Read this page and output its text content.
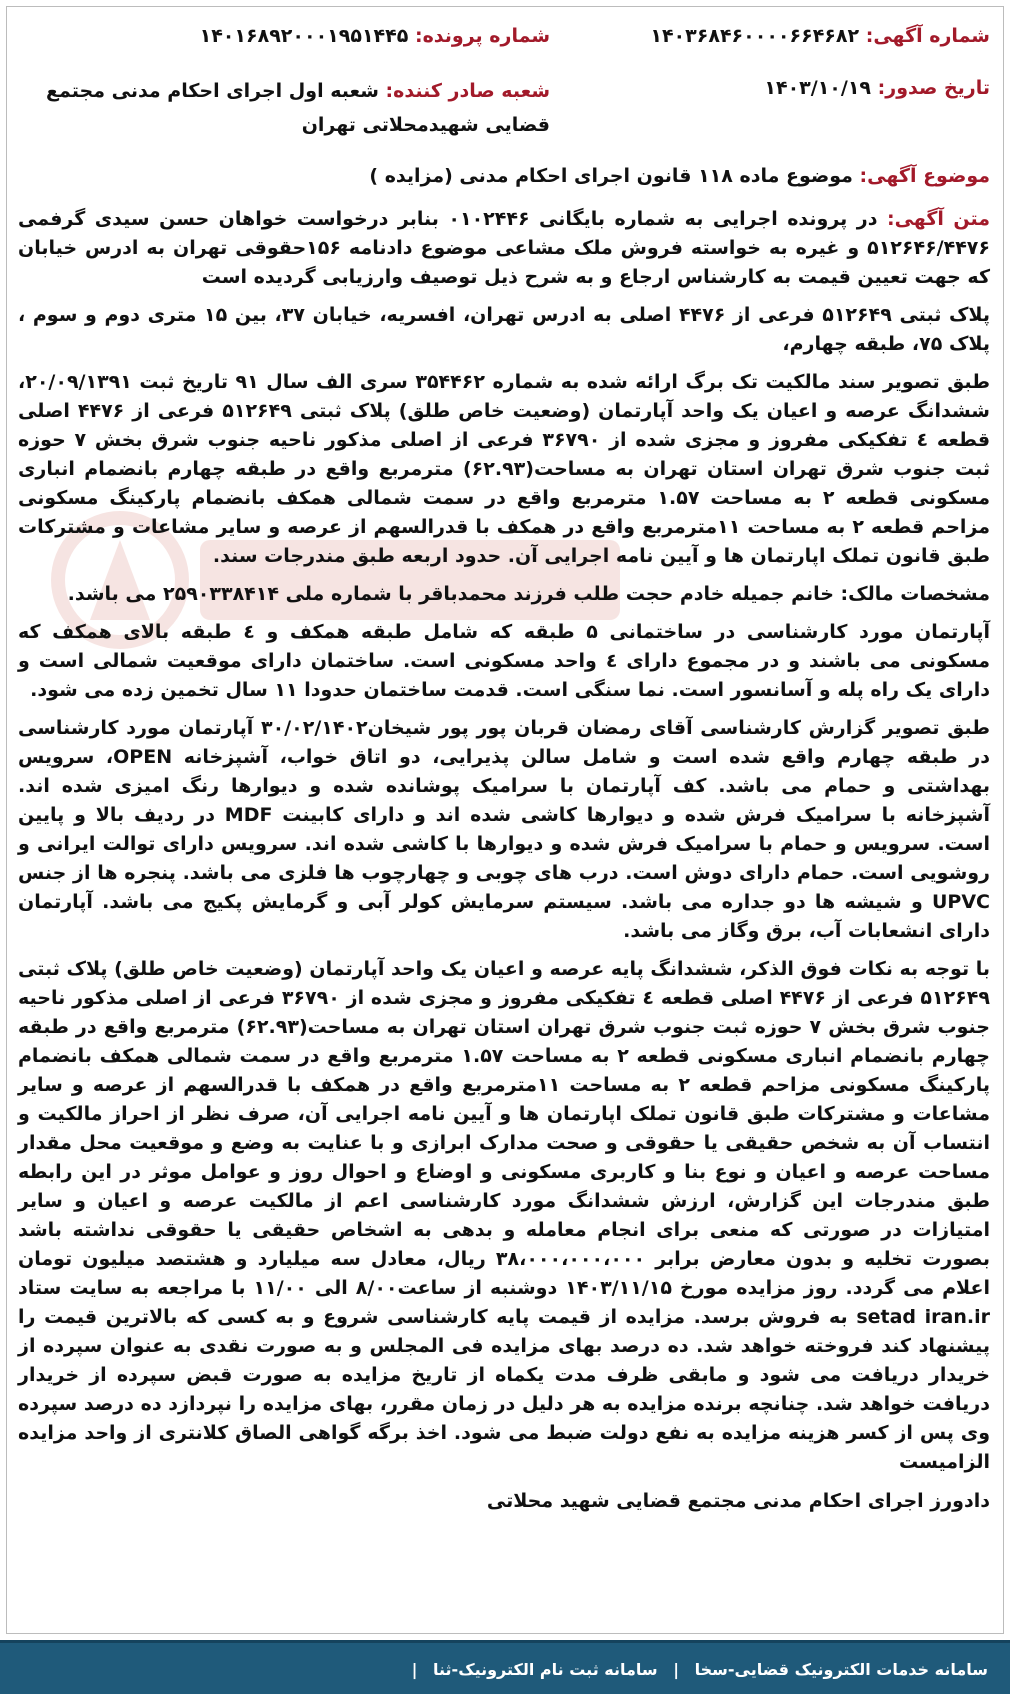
شماره آگهی: ۱۴۰۳۶۸۴۶۰۰۰۰۶۶۴۶۸۲
شماره پرونده: ۱۴۰۱۶۸۹۲۰۰۰۱۹۵۱۴۴۵
تاریخ صدور: ۱۴۰۳/۱۰/۱۹
شعبه صادر کننده: شعبه اول اجرای احکام مدنی مجتمع قضایی شهیدمحلاتی تهران
موضوع آگهی: موضوع ماده ۱۱۸ قانون اجرای احکام مدنی (مزایده )

متن آگهی: در پرونده اجرایی به شماره بایگانی ۰۱۰۲۴۴۶ بنابر درخواست خواهان حسن سیدی گرفمی ۵۱۲۶۴۶/۴۴۷۶ و غیره به خواسته فروش ملک مشاعی موضوع دادنامه ۱۵۶حقوقی تهران به ادرس خیابان که جهت تعیین قیمت به کارشناس ارجاع و به شرح ذیل توصیف وارزیابی گردیده است

پلاک ثبتی ۵۱۲۶۴۹ فرعی از ۴۴۷۶ اصلی به ادرس تهران، افسریه، خیابان ۳۷، بین ۱۵ متری دوم و سوم ، پلاک ۷۵، طبقه چهارم،

طبق تصویر سند مالکیت تک برگ ارائه شده به شماره ۳۵۴۴۶۲ سری الف سال ۹۱ تاریخ ثبت ۲۰/۰۹/۱۳۹۱، ششدانگ عرصه و اعیان یک واحد آپارتمان (وضعیت خاص طلق) پلاک ثبتی ۵۱۲۶۴۹ فرعی از ۴۴۷۶ اصلی قطعه ٤ تفکیکی مفروز و مجزی شده از ۳۶۷۹۰ فرعی از اصلی مذکور ناحیه جنوب شرق بخش ۷ حوزه ثبت جنوب شرق تهران استان تهران به مساحت(۶۲.۹۳) مترمربع واقع در طبقه چهارم بانضمام انباری مسکونی قطعه ۲ به مساحت ۱.۵۷ مترمربع واقع در سمت شمالی همکف بانضمام پارکینگ مسکونی مزاحم قطعه ۲ به مساحت ۱۱مترمربع واقع در همکف با قدرالسهم از عرصه و سایر مشاعات و مشترکات طبق قانون تملک اپارتمان ها و آیین نامه اجرایی آن. حدود اربعه طبق مندرجات سند.

مشخصات مالک: خانم جمیله خادم حجت طلب فرزند محمدباقر با شماره ملی ۲۵۹۰۳۳۸۴۱۴ می باشد.

آپارتمان مورد کارشناسی در ساختمانی ۵ طبقه که شامل طبقه همکف و ٤ طبقه بالای همکف که مسکونی می باشند و در مجموع دارای ٤ واحد مسکونی است. ساختمان دارای موقعیت شمالی است و دارای یک راه پله و آسانسور است. نما سنگی است. قدمت ساختمان حدودا ۱۱ سال تخمین زده می شود.

طبق تصویر گزارش کارشناسی آقای رمضان قربان پور پور شیخان۳۰/۰۲/۱۴۰۲ آپارتمان مورد کارشناسی در طبقه چهارم واقع شده است و شامل سالن پذیرایی، دو اتاق خواب، آشپزخانه OPEN، سرویس بهداشتی و حمام می باشد. کف آپارتمان با سرامیک پوشانده شده و دیوارها رنگ امیزی شده اند. آشپزخانه با سرامیک فرش شده و دیوارها کاشی شده اند و دارای کابینت MDF در ردیف بالا و پایین است. سرویس و حمام با سرامیک فرش شده و دیوارها با کاشی شده اند. سرویس دارای توالت ایرانی و روشویی است. حمام دارای دوش است. درب های چوبی و چهارچوب ها فلزی می باشد. پنجره ها از جنس UPVC و شیشه ها دو جداره می باشد. سیستم سرمایش کولر آبی و گرمایش پکیج می باشد. آپارتمان دارای انشعابات آب، برق وگاز می باشد.

با توجه به نکات فوق الذکر، ششدانگ پایه عرصه و اعیان یک واحد آپارتمان (وضعیت خاص طلق) پلاک ثبتی ۵۱۲۶۴۹ فرعی از ۴۴۷۶ اصلی قطعه ٤ تفکیکی مفروز و مجزی شده از ۳۶۷۹۰ فرعی از اصلی مذکور ناحیه جنوب شرق بخش ۷ حوزه ثبت جنوب شرق تهران استان تهران به مساحت(۶۲.۹۳) مترمربع واقع در طبقه چهارم بانضمام انباری مسکونی قطعه ۲ به مساحت ۱.۵۷ مترمربع واقع در سمت شمالی همکف بانضمام پارکینگ مسکونی مزاحم قطعه ۲ به مساحت ۱۱مترمربع واقع در همکف با قدرالسهم از عرصه و سایر مشاعات و مشترکات طبق قانون تملک اپارتمان ها و آیین نامه اجرایی آن، صرف نظر از احراز مالکیت و انتساب آن به شخص حقیقی یا حقوقی و صحت مدارک ابرازی و با عنایت به وضع و موقعیت محل مقدار مساحت عرصه و اعیان و نوع بنا و کاربری مسکونی و اوضاع و احوال روز و عوامل موثر در این رابطه طبق مندرجات این گزارش، ارزش ششدانگ مورد کارشناسی اعم از مالکیت عرصه و اعیان و سایر امتیازات در صورتی که منعی برای انجام معامله و بدهی به اشخاص حقیقی یا حقوقی نداشته باشد بصورت تخلیه و بدون معارض برابر ۳۸،۰۰۰،۰۰۰،۰۰۰ ریال، معادل سه میلیارد و هشتصد میلیون تومان اعلام می گردد. روز مزایده مورخ ۱۴۰۳/۱۱/۱۵ دوشنبه از ساعت۸/۰۰ الی ۱۱/۰۰ با مراجعه به سایت ستاد setad iran.ir به فروش برسد. مزایده از قیمت پایه کارشناسی شروع و به کسی که بالاترین قیمت را پیشنهاد کند فروخته خواهد شد. ده درصد بهای مزایده فی المجلس و به صورت نقدی به عنوان سپرده از خریدار دریافت می شود و مابقی ظرف مدت یکماه از تاریخ مزایده به صورت قبض سپرده از خریدار دریافت خواهد شد. چنانچه برنده مزایده به هر دلیل در زمان مقرر، بهای مزایده را نپردازد ده درصد سپرده وی پس از کسر هزینه مزایده به نفع دولت ضبط می شود. اخذ برگه گواهی الصاق کلانتری از واحد مزایده الزامیست

دادورز اجرای احکام مدنی مجتمع قضایی شهید محلاتی

سامانه خدمات الکترونیک قضایی-سخا | سامانه ثبت نام الکترونیک-ثنا |
